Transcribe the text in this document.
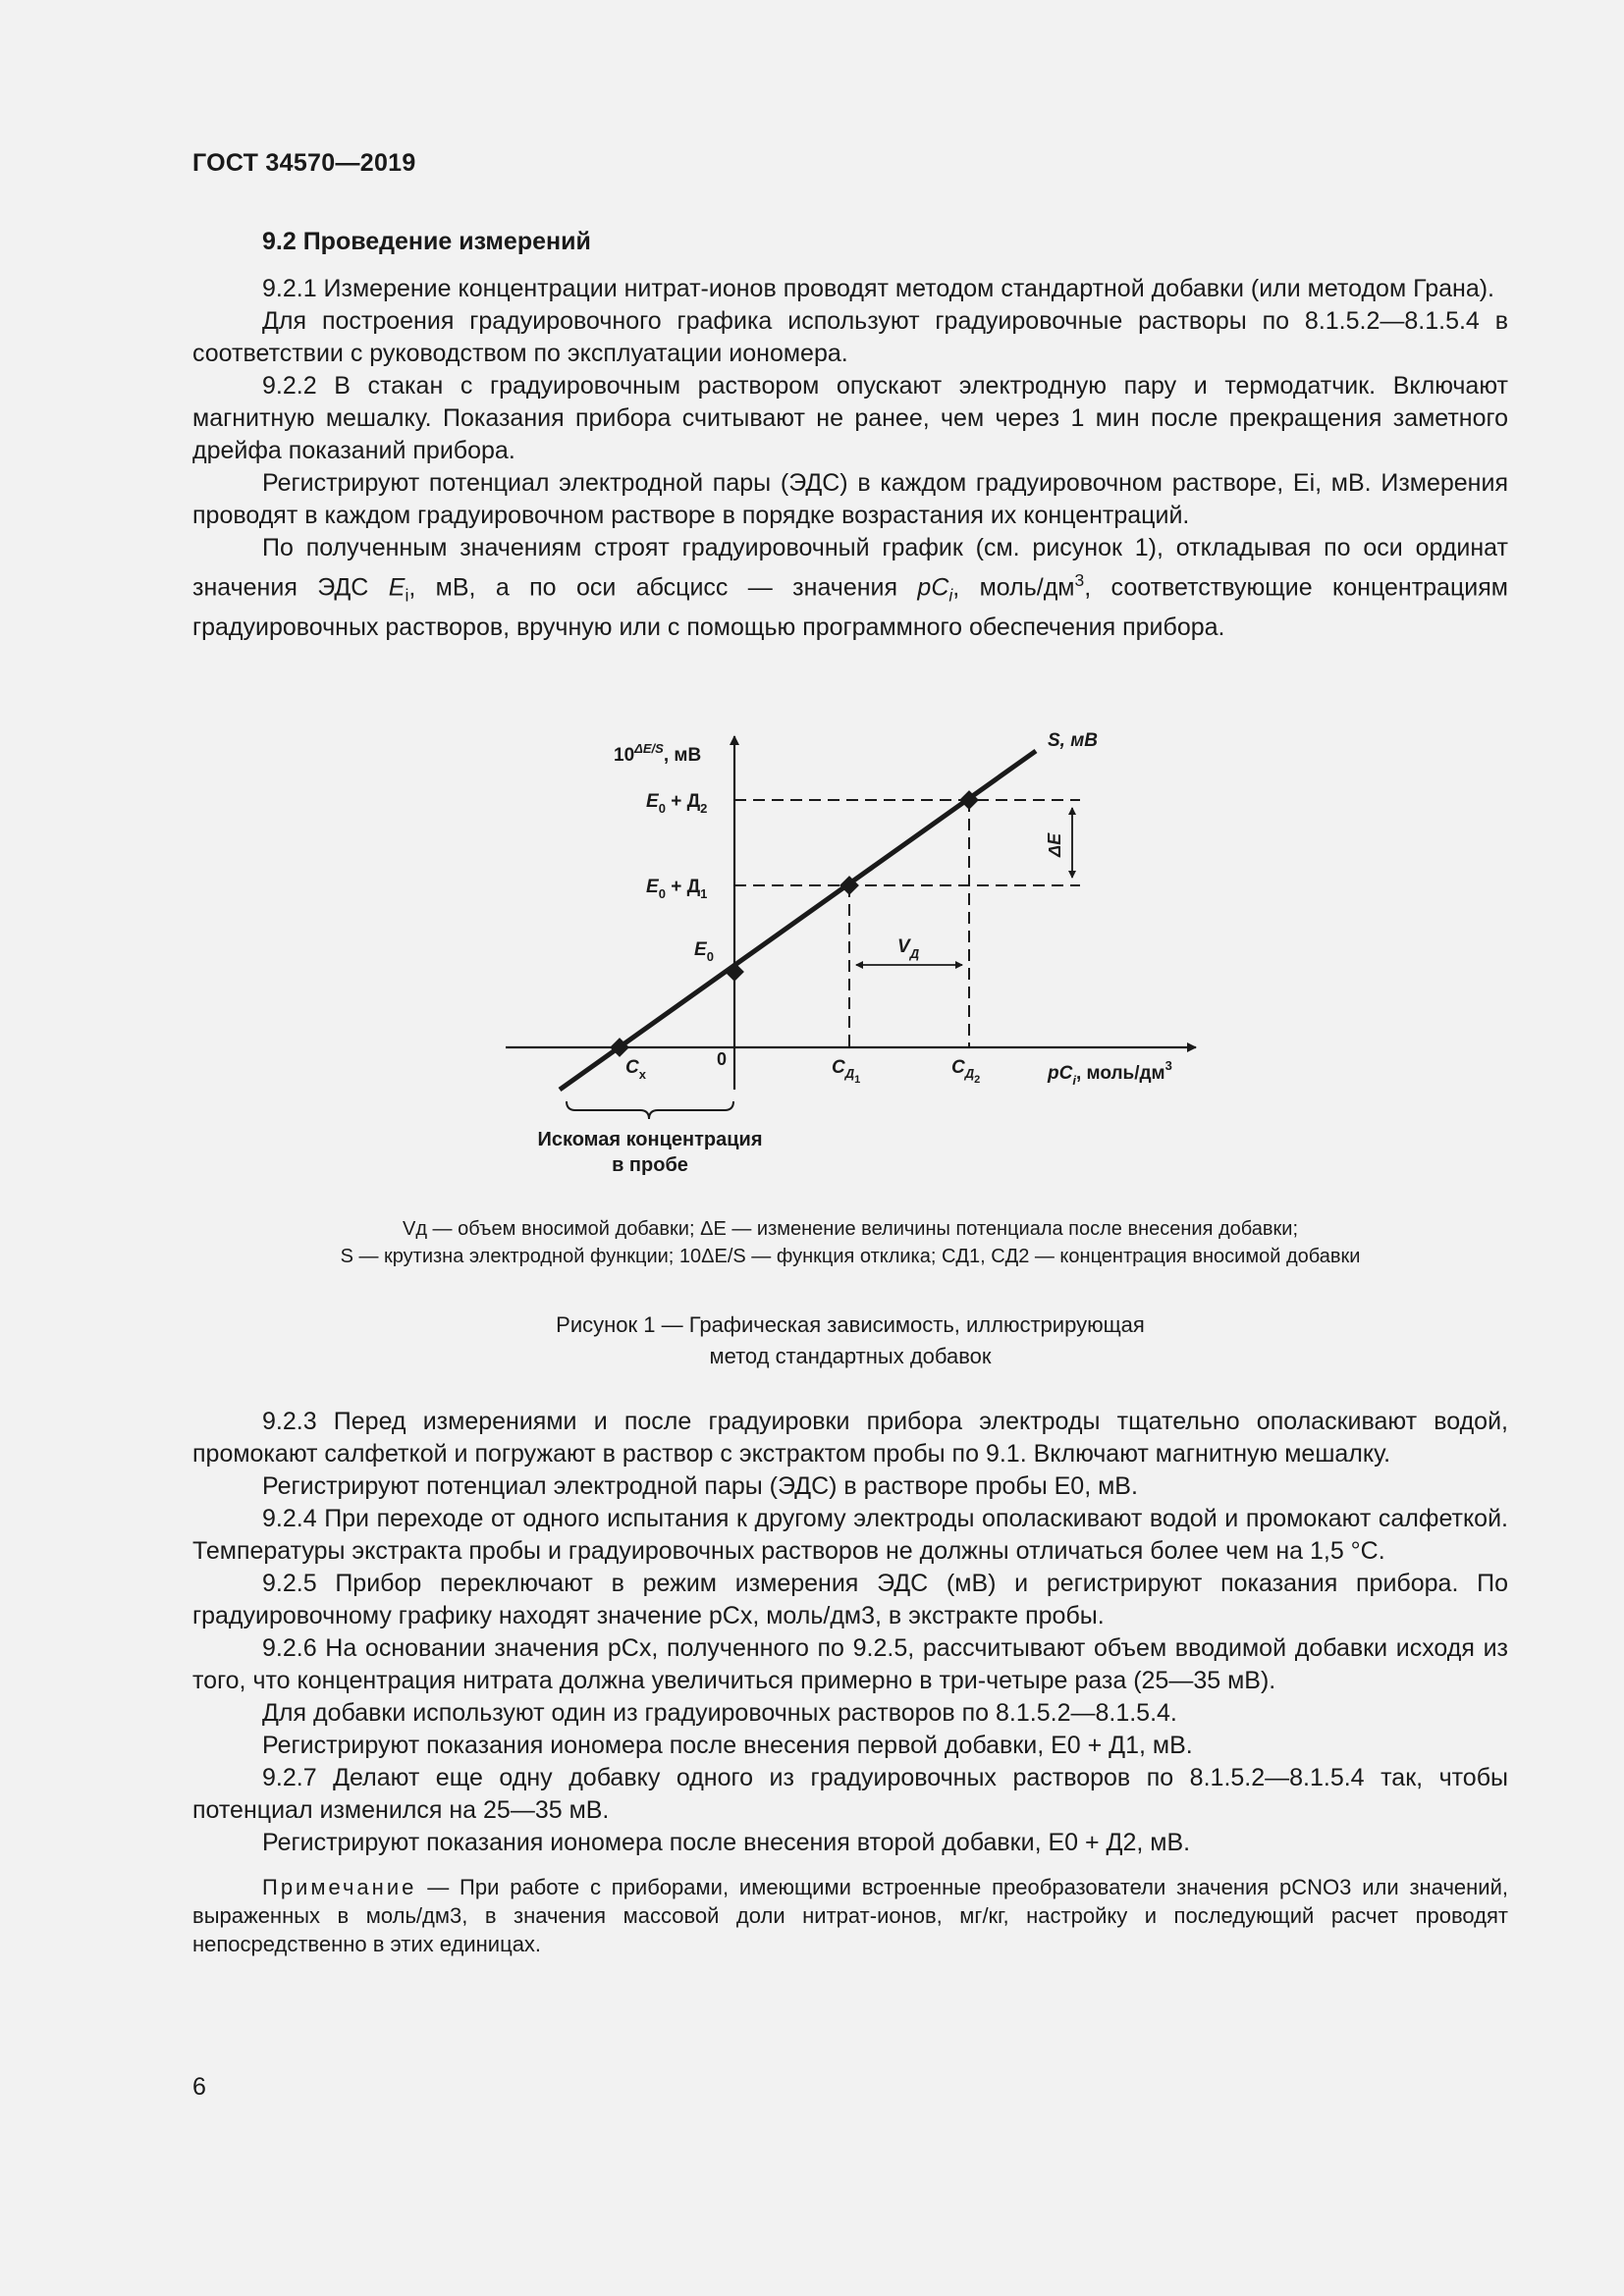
ГОСТ 34570—2019
9.2 Проведение измерений

9.2.1 Измерение концентрации нитрат-ионов проводят методом стандартной добавки (или методом Грана).

Для построения градуировочного графика используют градуировочные растворы по 8.1.5.2—8.1.5.4 в соответствии с руководством по эксплуатации иономера.

9.2.2 В стакан с градуировочным раствором опускают электродную пару и термодатчик. Включают магнитную мешалку. Показания прибора считывают не ранее, чем через 1 мин после прекращения заметного дрейфа показаний прибора.

Регистрируют потенциал электродной пары (ЭДС) в каждом градуировочном растворе, Ei, мВ. Измерения проводят в каждом градуировочном растворе в порядке возрастания их концентраций.

По полученным значениям строят градуировочный график (см. рисунок 1), откладывая по оси ординат значения ЭДС $E_i$, мВ, а по оси абсцисс — значения $pC_i$, моль/$дм^3$, соответствующие концентрациям градуировочных растворов, вручную или с помощью программного обеспечения прибора.

$10^{\Delta E/S}$, мВ
S, мВ
$E_0 + Д_2$
$E_0 + Д_1$
$E_0$
ΔE
$V_Д$
0
$C_x$	$C_{Д1}$
$C_{Д2}$	$pC_i$, моль/$дм^3$
Искомая концентрация
в пробе
Vд — объем вносимой добавки; ΔE — изменение величины потенциала после внесения добавки;
S — крутизна электродной функции; 10ΔE/S — функция отклика; CД1, CД2 — концентрация вносимой добавки
Рисунок 1 — Графическая зависимость, иллюстрирующая
метод стандартных добавок

9.2.3 Перед измерениями и после градуировки прибора электроды тщательно ополаскивают водой, промокают салфеткой и погружают в раствор с экстрактом пробы по 9.1. Включают магнитную мешалку.

Регистрируют потенциал электродной пары (ЭДС) в растворе пробы E0, мВ.

9.2.4 При переходе от одного испытания к другому электроды ополаскивают водой и промокают салфеткой. Температуры экстракта пробы и градуировочных растворов не должны отличаться более чем на 1,5 °С.

9.2.5 Прибор переключают в режим измерения ЭДС (мВ) и регистрируют показания прибора. По градуировочному графику находят значение pCx, моль/дм3, в экстракте пробы.

9.2.6 На основании значения pCx, полученного по 9.2.5, рассчитывают объем вводимой добавки исходя из того, что концентрация нитрата должна увеличиться примерно в три-четыре раза (25—35 мВ).

Для добавки используют один из градуировочных растворов по 8.1.5.2—8.1.5.4.

Регистрируют показания иономера после внесения первой добавки, E0 + Д1, мВ.

9.2.7 Делают еще одну добавку одного из градуировочных растворов по 8.1.5.2—8.1.5.4 так, чтобы потенциал изменился на 25—35 мВ.

Регистрируют показания иономера после внесения второй добавки, E0 + Д2, мВ.

Примечание — При работе с приборами, имеющими встроенные преобразователи значения pCNO3 или значений, выраженных в моль/дм3, в значения массовой доли нитрат-ионов, мг/кг, настройку и последующий расчет проводят непосредственно в этих единицах.

6
